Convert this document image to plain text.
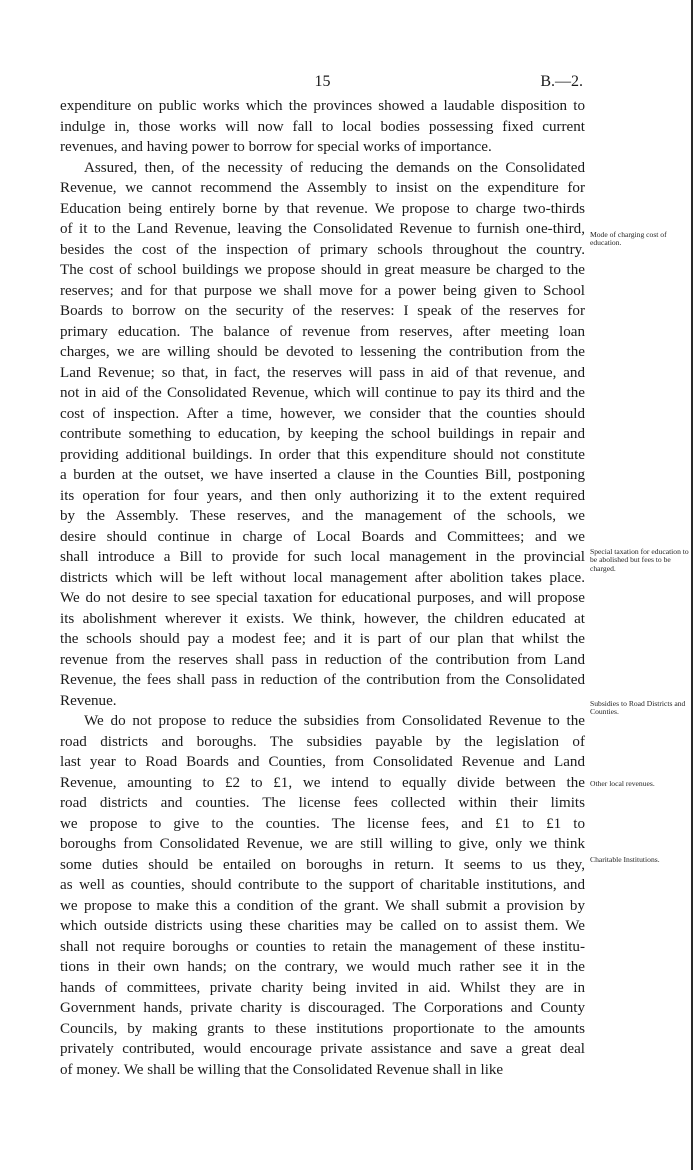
15	B.—2.
expenditure on public works which the provinces showed a laudable disposition to
indulge in, those works will now fall to local bodies possessing fixed current
revenues, and having power to borrow for special works of importance.
Assured, then, of the necessity of reducing the demands on the Consolidated
Revenue, we cannot recommend the Assembly to insist on the expenditure for
Education being entirely borne by that revenue. We propose to charge two-thirds
of it to the Land Revenue, leaving the Consolidated Revenue to furnish one-third,
besides the cost of the inspection of primary schools throughout the country.
The cost of school buildings we propose should in great measure be charged to the
reserves; and for that purpose we shall move for a power being given to School
Boards to borrow on the security of the reserves: I speak of the reserves for
primary education. The balance of revenue from reserves, after meeting loan
charges, we are willing should be devoted to lessening the contribution from the
Land Revenue; so that, in fact, the reserves will pass in aid of that revenue, and
not in aid of the Consolidated Revenue, which will continue to pay its third and the
cost of inspection. After a time, however, we consider that the counties should
contribute something to education, by keeping the school buildings in repair and
providing additional buildings. In order that this expenditure should not constitute
a burden at the outset, we have inserted a clause in the Counties Bill, postponing
its operation for four years, and then only authorizing it to the extent required
by the Assembly. These reserves, and the management of the schools, we
desire should continue in charge of Local Boards and Committees; and we
shall introduce a Bill to provide for such local management in the provincial
districts which will be left without local management after abolition takes place.
We do not desire to see special taxation for educational purposes, and will propose
its abolishment wherever it exists. We think, however, the children educated at
the schools should pay a modest fee; and it is part of our plan that whilst the
revenue from the reserves shall pass in reduction of the contribution from Land
Revenue, the fees shall pass in reduction of the contribution from the Consolidated
Revenue.
We do not propose to reduce the subsidies from Consolidated Revenue to the
road districts and boroughs. The subsidies payable by the legislation of
last year to Road Boards and Counties, from Consolidated Revenue and Land
Revenue, amounting to £2 to £1, we intend to equally divide between the
road districts and counties. The license fees collected within their limits
we propose to give to the counties. The license fees, and £1 to £1 to
boroughs from Consolidated Revenue, we are still willing to give, only we think
some duties should be entailed on boroughs in return. It seems to us they,
as well as counties, should contribute to the support of charitable institutions, and
we propose to make this a condition of the grant. We shall submit a provision by
which outside districts using these charities may be called on to assist them. We
shall not require boroughs or counties to retain the management of these institu-
tions in their own hands; on the contrary, we would much rather see it in the
hands of committees, private charity being invited in aid. Whilst they are in
Government hands, private charity is discouraged. The Corporations and County
Councils, by making grants to these institutions proportionate to the amounts
privately contributed, would encourage private assistance and save a great deal
of money. We shall be willing that the Consolidated Revenue shall in like
Mode of charging cost of education.
Special taxation for education to be abolished but fees to be charged.
Subsidies to Road Districts and Counties.
Other local revenues.
Charitable Institutions.
